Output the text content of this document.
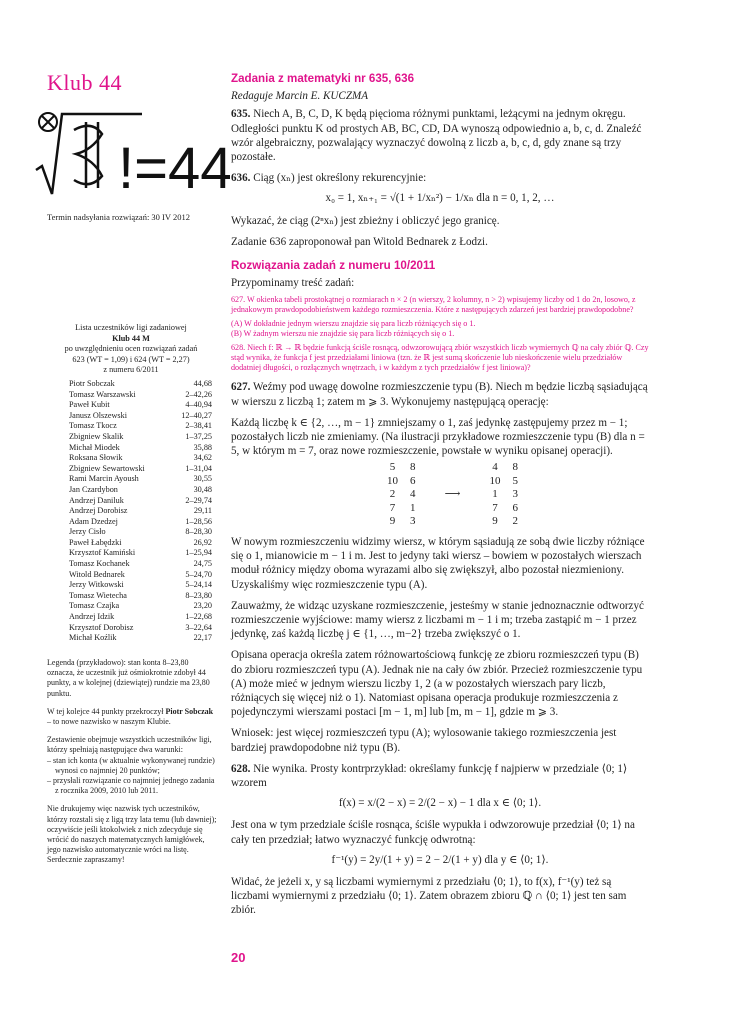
Klub 44
!=44
Termin nadsyłania rozwiązań: 30 IV 2012
Lista uczestników ligi zadaniowej
Klub 44 M
po uwzględnieniu ocen rozwiązań zadań
623 (WT = 1,09) i 624 (WT = 2,27)
z numeru 6/2011
Piotr Sobczak	44,68
Tomasz Warszawski	2–42,26
Paweł Kubit	4–40,94
Janusz Olszewski	12–40,27
Tomasz Tkocz	2–38,41
Zbigniew Skalik	1–37,25
Michał Miodek	35,88
Roksana Słowik	34,62
Zbigniew Sewartowski	1–31,04
Rami Marcin Ayoush	30,55
Jan Czardybon	30,48
Andrzej Daniluk	2–29,74
Andrzej Dorobisz	29,11
Adam Dzedzej	1–28,56
Jerzy Cisło	8–28,30
Paweł Łabędzki	26,92
Krzysztof Kamiński	1–25,94
Tomasz Kochanek	24,75
Witold Bednarek	5–24,70
Jerzy Witkowski	5–24,14
Tomasz Wietecha	8–23,80
Tomasz Czajka	23,20
Andrzej Idzik	1–22,68
Krzysztof Dorobisz	3–22,64
Michał Koźlik	22,17

Legenda (przykładowo): stan konta 8–23,80 oznacza, że uczestnik już ośmiokrotnie zdobył 44 punkty, a w kolejnej (dziewiątej) rundzie ma 23,80 punktu.

W tej kolejce 44 punkty przekroczył Piotr Sobczak – to nowe nazwisko w naszym Klubie.

Zestawienie obejmuje wszystkich uczestników ligi, którzy spełniają następujące dwa warunki:

– stan ich konta (w aktualnie wykonywanej rundzie) wynosi co najmniej 20 punktów;

– przysłali rozwiązanie co najmniej jednego zadania z rocznika 2009, 2010 lub 2011.

Nie drukujemy więc nazwisk tych uczestników, którzy rozstali się z ligą trzy lata temu (lub dawniej); oczywiście jeśli ktokolwiek z nich zdecyduje się wrócić do naszych matematycznych łamigłówek, jego nazwisko automatycznie wróci na listę. Serdecznie zapraszamy!

Zadania z matematyki nr 635, 636

Redaguje Marcin E. KUCZMA

635. Niech A, B, C, D, K będą pięcioma różnymi punktami, leżącymi na jednym okręgu. Odległości punktu K od prostych AB, BC, CD, DA wynoszą odpowiednio a, b, c, d. Znaleźć wzór algebraiczny, pozwalający wyznaczyć dowolną z liczb a, b, c, d, gdy znane są trzy pozostałe.

636. Ciąg (xₙ) jest określony rekurencyjnie:

x₀ = 1, xₙ₊₁ = √(1 + 1/xₙ²) − 1/xₙ dla n = 0, 1, 2, …

Wykazać, że ciąg (2ⁿxₙ) jest zbieżny i obliczyć jego granicę.

Zadanie 636 zaproponował pan Witold Bednarek z Łodzi.

Rozwiązania zadań z numeru 10/2011

Przypominamy treść zadań:

627. W okienka tabeli prostokątnej o rozmiarach n × 2 (n wierszy, 2 kolumny, n > 2) wpisujemy liczby od 1 do 2n, losowo, z jednakowym prawdopodobieństwem każdego rozmieszczenia. Które z następujących zdarzeń jest bardziej prawdopodobne?

(A) W dokładnie jednym wierszu znajdzie się para liczb różniących się o 1.

(B) W żadnym wierszu nie znajdzie się para liczb różniących się o 1.

628. Niech f: ℝ → ℝ będzie funkcją ściśle rosnącą, odwzorowującą zbiór wszystkich liczb wymiernych ℚ na cały zbiór ℚ. Czy stąd wynika, że funkcja f jest przedziałami liniowa (tzn. że ℝ jest sumą skończenie lub nieskończenie wielu przedziałów dodatniej długości, o rozłącznych wnętrzach, i w każdym z tych przedziałów f jest liniowa)?

627. Weźmy pod uwagę dowolne rozmieszczenie typu (B). Niech m będzie liczbą sąsiadującą w wierszu z liczbą 1; zatem m ⩾ 3. Wykonujemy następującą operację:

Każdą liczbę k ∈ {2, …, m − 1} zmniejszamy o 1, zaś jedynkę zastępujemy przez m − 1; pozostałych liczb nie zmieniamy. (Na ilustracji przykładowe rozmieszczenie typu (B) dla n = 5, w którym m = 7, oraz nowe rozmieszczenie, powstałe w wyniku opisanej operacji).

5	8		4	8
10	6		10	5
2	4	⟶	1	3
7	1		7	6
9	3		9	2

W nowym rozmieszczeniu widzimy wiersz, w którym sąsiadują ze sobą dwie liczby różniące się o 1, mianowicie m − 1 i m. Jest to jedyny taki wiersz – bowiem w pozostałych wierszach moduł różnicy między oboma wyrazami albo się zwiększył, albo pozostał niezmieniony. Uzyskaliśmy więc rozmieszczenie typu (A).

Zauważmy, że widząc uzyskane rozmieszczenie, jesteśmy w stanie jednoznacznie odtworzyć rozmieszczenie wyjściowe: mamy wiersz z liczbami m − 1 i m; trzeba zastąpić m − 1 przez jedynkę, zaś każdą liczbę j ∈ {1, …, m−2} trzeba zwiększyć o 1.

Opisana operacja określa zatem różnowartościową funkcję ze zbioru rozmieszczeń typu (B) do zbioru rozmieszczeń typu (A). Jednak nie na cały ów zbiór. Przecież rozmieszczenie typu (A) może mieć w jednym wierszu liczby 1, 2 (a w pozostałych wierszach pary liczb, różniących się więcej niż o 1). Natomiast opisana operacja produkuje rozmieszczenia z pojedynczymi wierszami postaci [m − 1, m] lub [m, m − 1], gdzie m ⩾ 3.

Wniosek: jest więcej rozmieszczeń typu (A); wylosowanie takiego rozmieszczenia jest bardziej prawdopodobne niż typu (B).

628. Nie wynika. Prosty kontrprzykład: określamy funkcję f najpierw w przedziale ⟨0; 1⟩ wzorem

f(x) = x/(2 − x) = 2/(2 − x) − 1 dla x ∈ ⟨0; 1⟩.

Jest ona w tym przedziale ściśle rosnąca, ściśle wypukła i odwzorowuje przedział ⟨0; 1⟩ na cały ten przedział; łatwo wyznaczyć funkcję odwrotną:

f⁻¹(y) = 2y/(1 + y) = 2 − 2/(1 + y) dla y ∈ ⟨0; 1⟩.

Widać, że jeżeli x, y są liczbami wymiernymi z przedziału ⟨0; 1⟩, to f(x), f⁻¹(y) też są liczbami wymiernymi z przedziału ⟨0; 1⟩. Zatem obrazem zbioru ℚ ∩ ⟨0; 1⟩ jest ten sam zbiór.

20
